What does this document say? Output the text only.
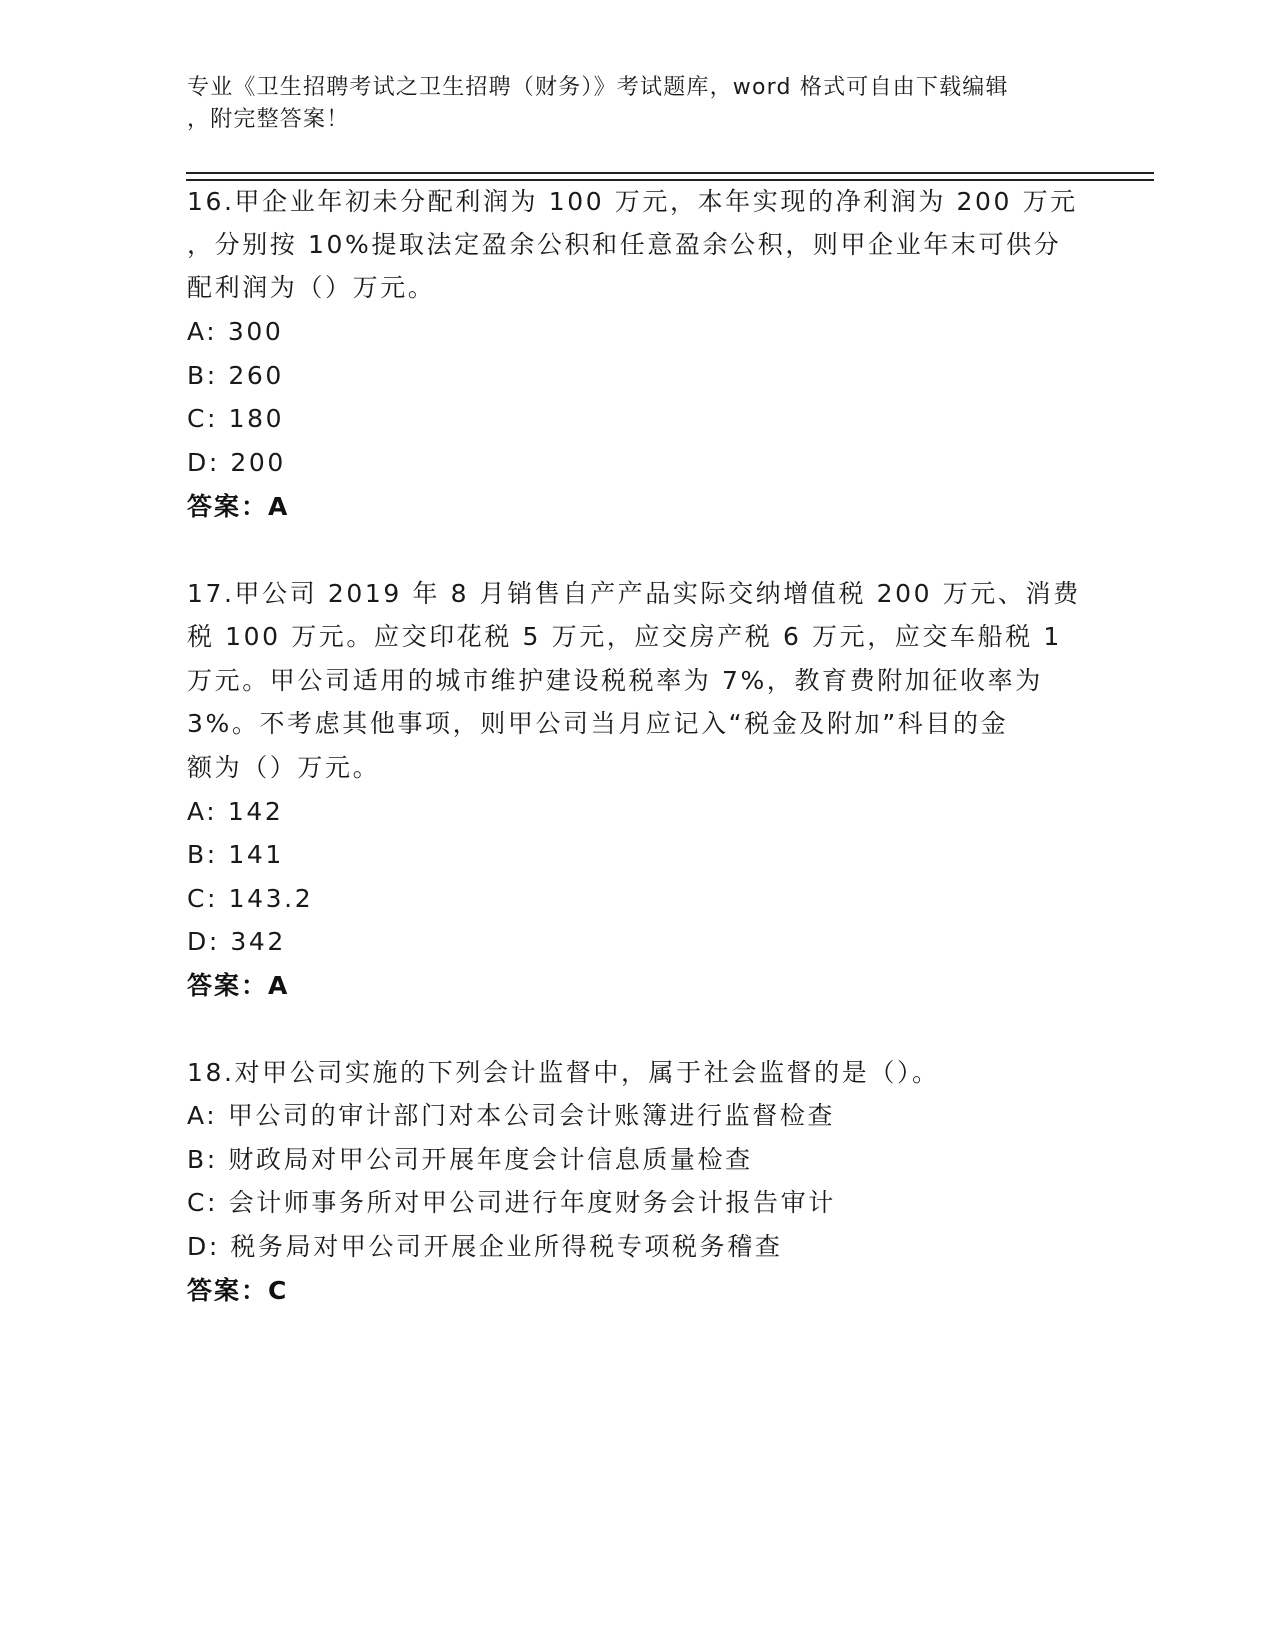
专业《卫生招聘考试之卫生招聘（财务）》考试题库，word 格式可自由下载编辑
，附完整答案！
16.甲企业年初未分配利润为 100 万元，本年实现的净利润为 200 万元
，分别按 10%提取法定盈余公积和任意盈余公积，则甲企业年末可供分
配利润为（）万元。
A: 300
B: 260
C: 180
D: 200
答案：A
17.甲公司 2019 年 8 月销售自产产品实际交纳增值税 200 万元、消费
税 100 万元。应交印花税 5 万元，应交房产税 6 万元，应交车船税 1
万元。甲公司适用的城市维护建设税税率为 7%，教育费附加征收率为
3%。不考虑其他事项，则甲公司当月应记入“税金及附加”科目的金
额为（）万元。
A: 142
B: 141
C: 143.2
D: 342
答案：A
18.对甲公司实施的下列会计监督中，属于社会监督的是（）。
A: 甲公司的审计部门对本公司会计账簿进行监督检查
B: 财政局对甲公司开展年度会计信息质量检查
C: 会计师事务所对甲公司进行年度财务会计报告审计
D: 税务局对甲公司开展企业所得税专项税务稽查
答案：C
